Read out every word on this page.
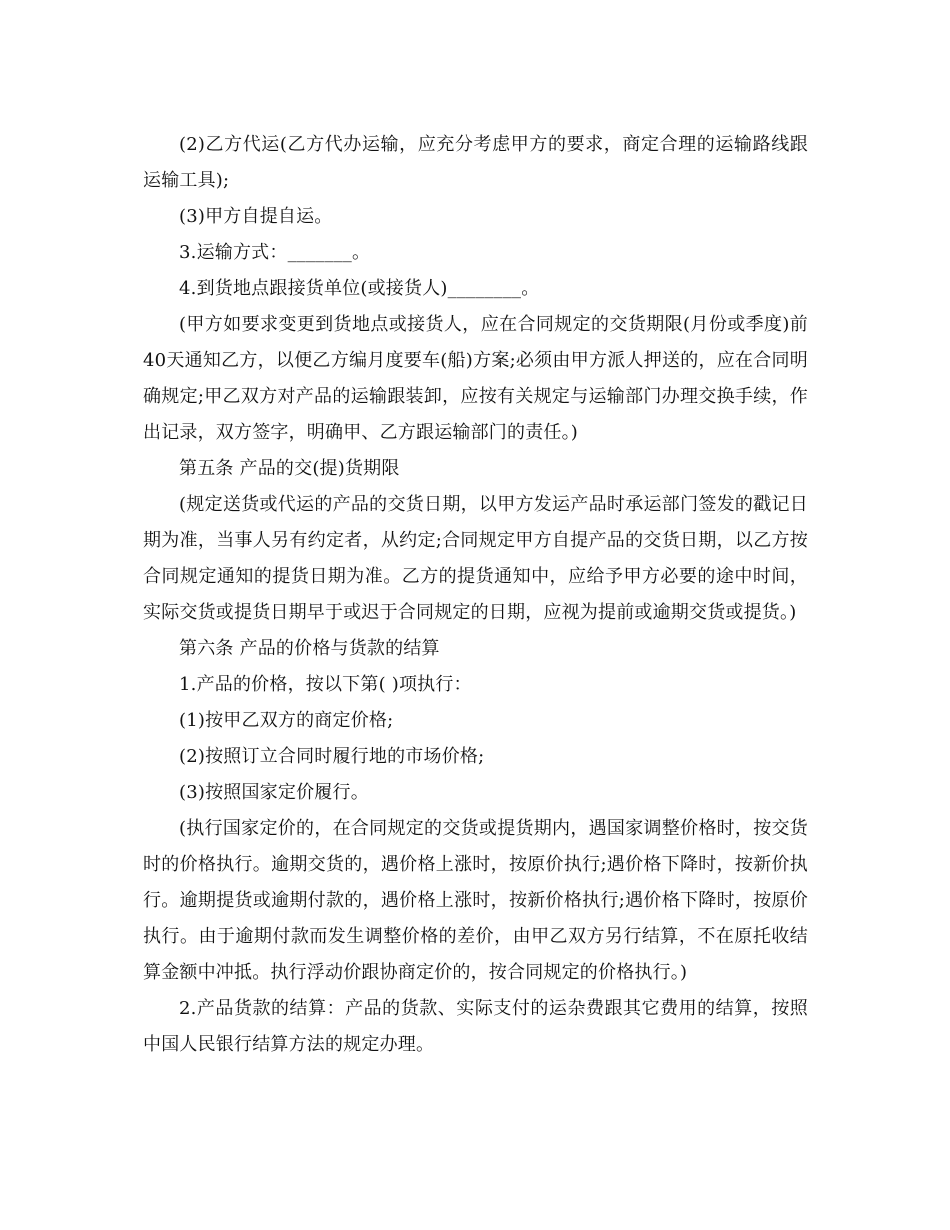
(2)乙方代运(乙方代办运输，应充分考虑甲方的要求，商定合理的运输路线跟运输工具);

(3)甲方自提自运。

3.运输方式：_______。

4.到货地点跟接货单位(或接货人)________。

(甲方如要求变更到货地点或接货人，应在合同规定的交货期限(月份或季度)前40天通知乙方，以便乙方编月度要车(船)方案;必须由甲方派人押送的，应在合同明确规定;甲乙双方对产品的运输跟装卸，应按有关规定与运输部门办理交换手续，作出记录，双方签字，明确甲、乙方跟运输部门的责任。)

第五条 产品的交(提)货期限

(规定送货或代运的产品的交货日期，以甲方发运产品时承运部门签发的戳记日期为准，当事人另有约定者，从约定;合同规定甲方自提产品的交货日期，以乙方按合同规定通知的提货日期为准。乙方的提货通知中，应给予甲方必要的途中时间，实际交货或提货日期早于或迟于合同规定的日期，应视为提前或逾期交货或提货。)

第六条 产品的价格与货款的结算

1.产品的价格，按以下第( )项执行：

(1)按甲乙双方的商定价格;

(2)按照订立合同时履行地的市场价格;

(3)按照国家定价履行。

(执行国家定价的，在合同规定的交货或提货期内，遇国家调整价格时，按交货时的价格执行。逾期交货的，遇价格上涨时，按原价执行;遇价格下降时，按新价执行。逾期提货或逾期付款的，遇价格上涨时，按新价格执行;遇价格下降时，按原价执行。由于逾期付款而发生调整价格的差价，由甲乙双方另行结算，不在原托收结算金额中冲抵。执行浮动价跟协商定价的，按合同规定的价格执行。)

2.产品货款的结算：产品的货款、实际支付的运杂费跟其它费用的结算，按照中国人民银行结算方法的规定办理。
